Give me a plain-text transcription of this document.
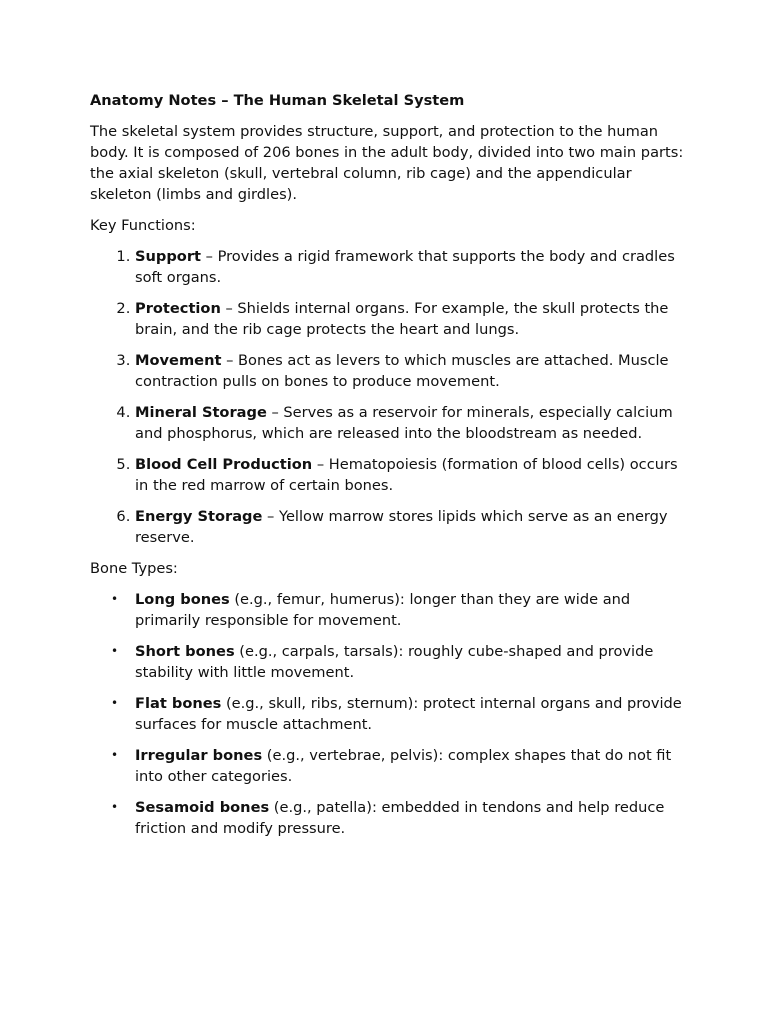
Anatomy Notes – The Human Skeletal System

The skeletal system provides structure, support, and protection to the human body. It is composed of 206 bones in the adult body, divided into two main parts: the axial skeleton (skull, vertebral column, rib cage) and the appendicular skeleton (limbs and girdles).

Key Functions:

1. Support – Provides a rigid framework that supports the body and cradles soft organs.
2. Protection – Shields internal organs. For example, the skull protects the brain, and the rib cage protects the heart and lungs.
3. Movement – Bones act as levers to which muscles are attached. Muscle contraction pulls on bones to produce movement.
4. Mineral Storage – Serves as a reservoir for minerals, especially calcium and phosphorus, which are released into the bloodstream as needed.
5. Blood Cell Production – Hematopoiesis (formation of blood cells) occurs in the red marrow of certain bones.
6. Energy Storage – Yellow marrow stores lipids which serve as an energy reserve.

Bone Types:

• Long bones (e.g., femur, humerus): longer than they are wide and primarily responsible for movement.
• Short bones (e.g., carpals, tarsals): roughly cube-shaped and provide stability with little movement.
• Flat bones (e.g., skull, ribs, sternum): protect internal organs and provide surfaces for muscle attachment.
• Irregular bones (e.g., vertebrae, pelvis): complex shapes that do not fit into other categories.
• Sesamoid bones (e.g., patella): embedded in tendons and help reduce friction and modify pressure.
